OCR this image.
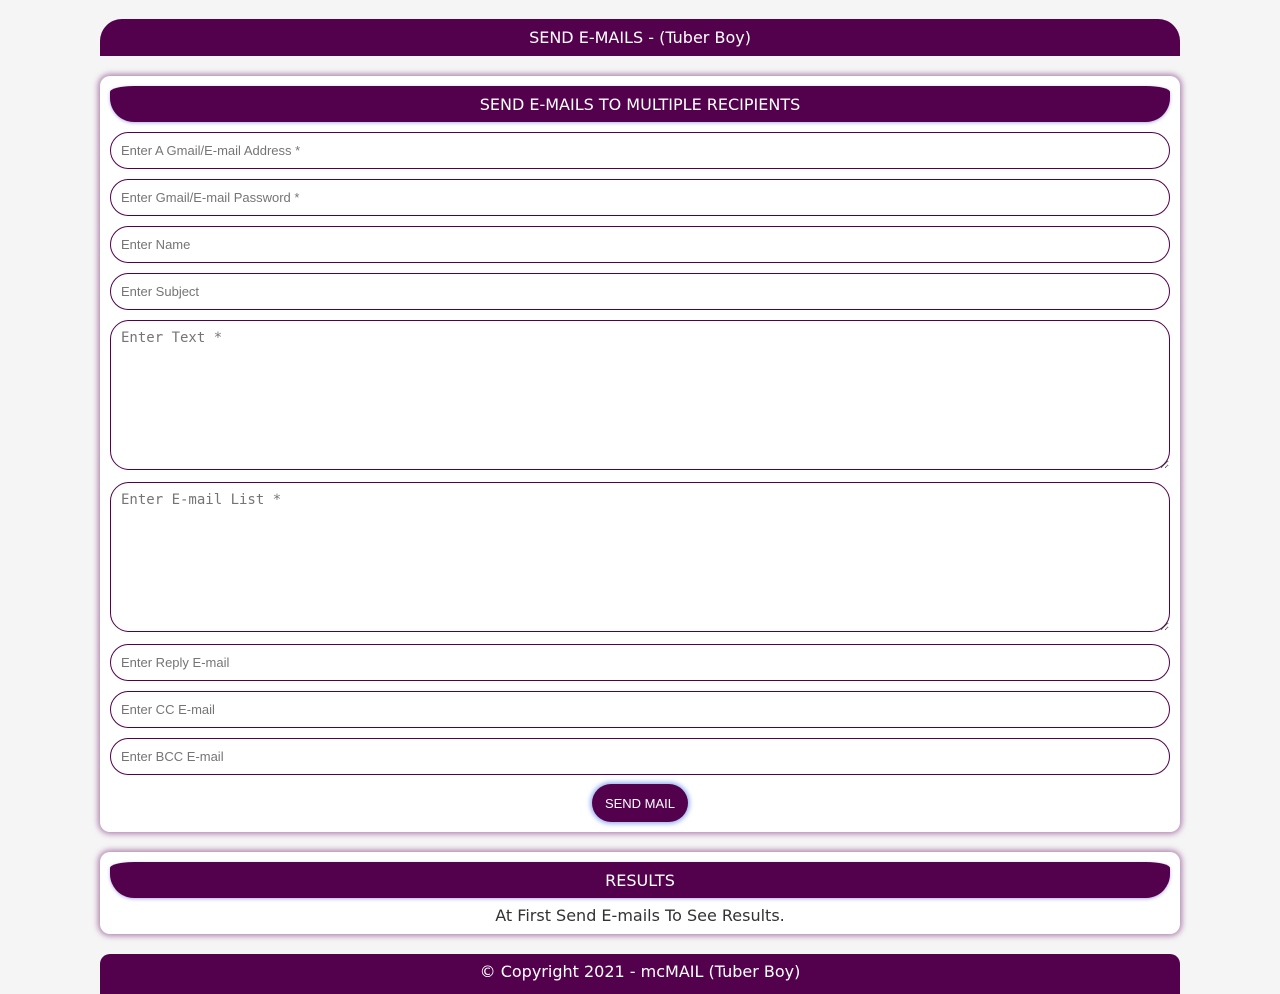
SEND E-MAILS - (Tuber Boy)
SEND E-MAILS TO MULTIPLE RECIPIENTS
Enter A Gmail/E-mail Address *
Enter Name
Enter Subject
Enter Text *
Enter E-mail List *
Enter Reply E-mail
Enter CC E-mail
Enter BCC E-mail
SEND MAIL
RESULTS
At First Send E-mails To See Results.
© Copyright 2021 - mcMAIL (Tuber Boy)
